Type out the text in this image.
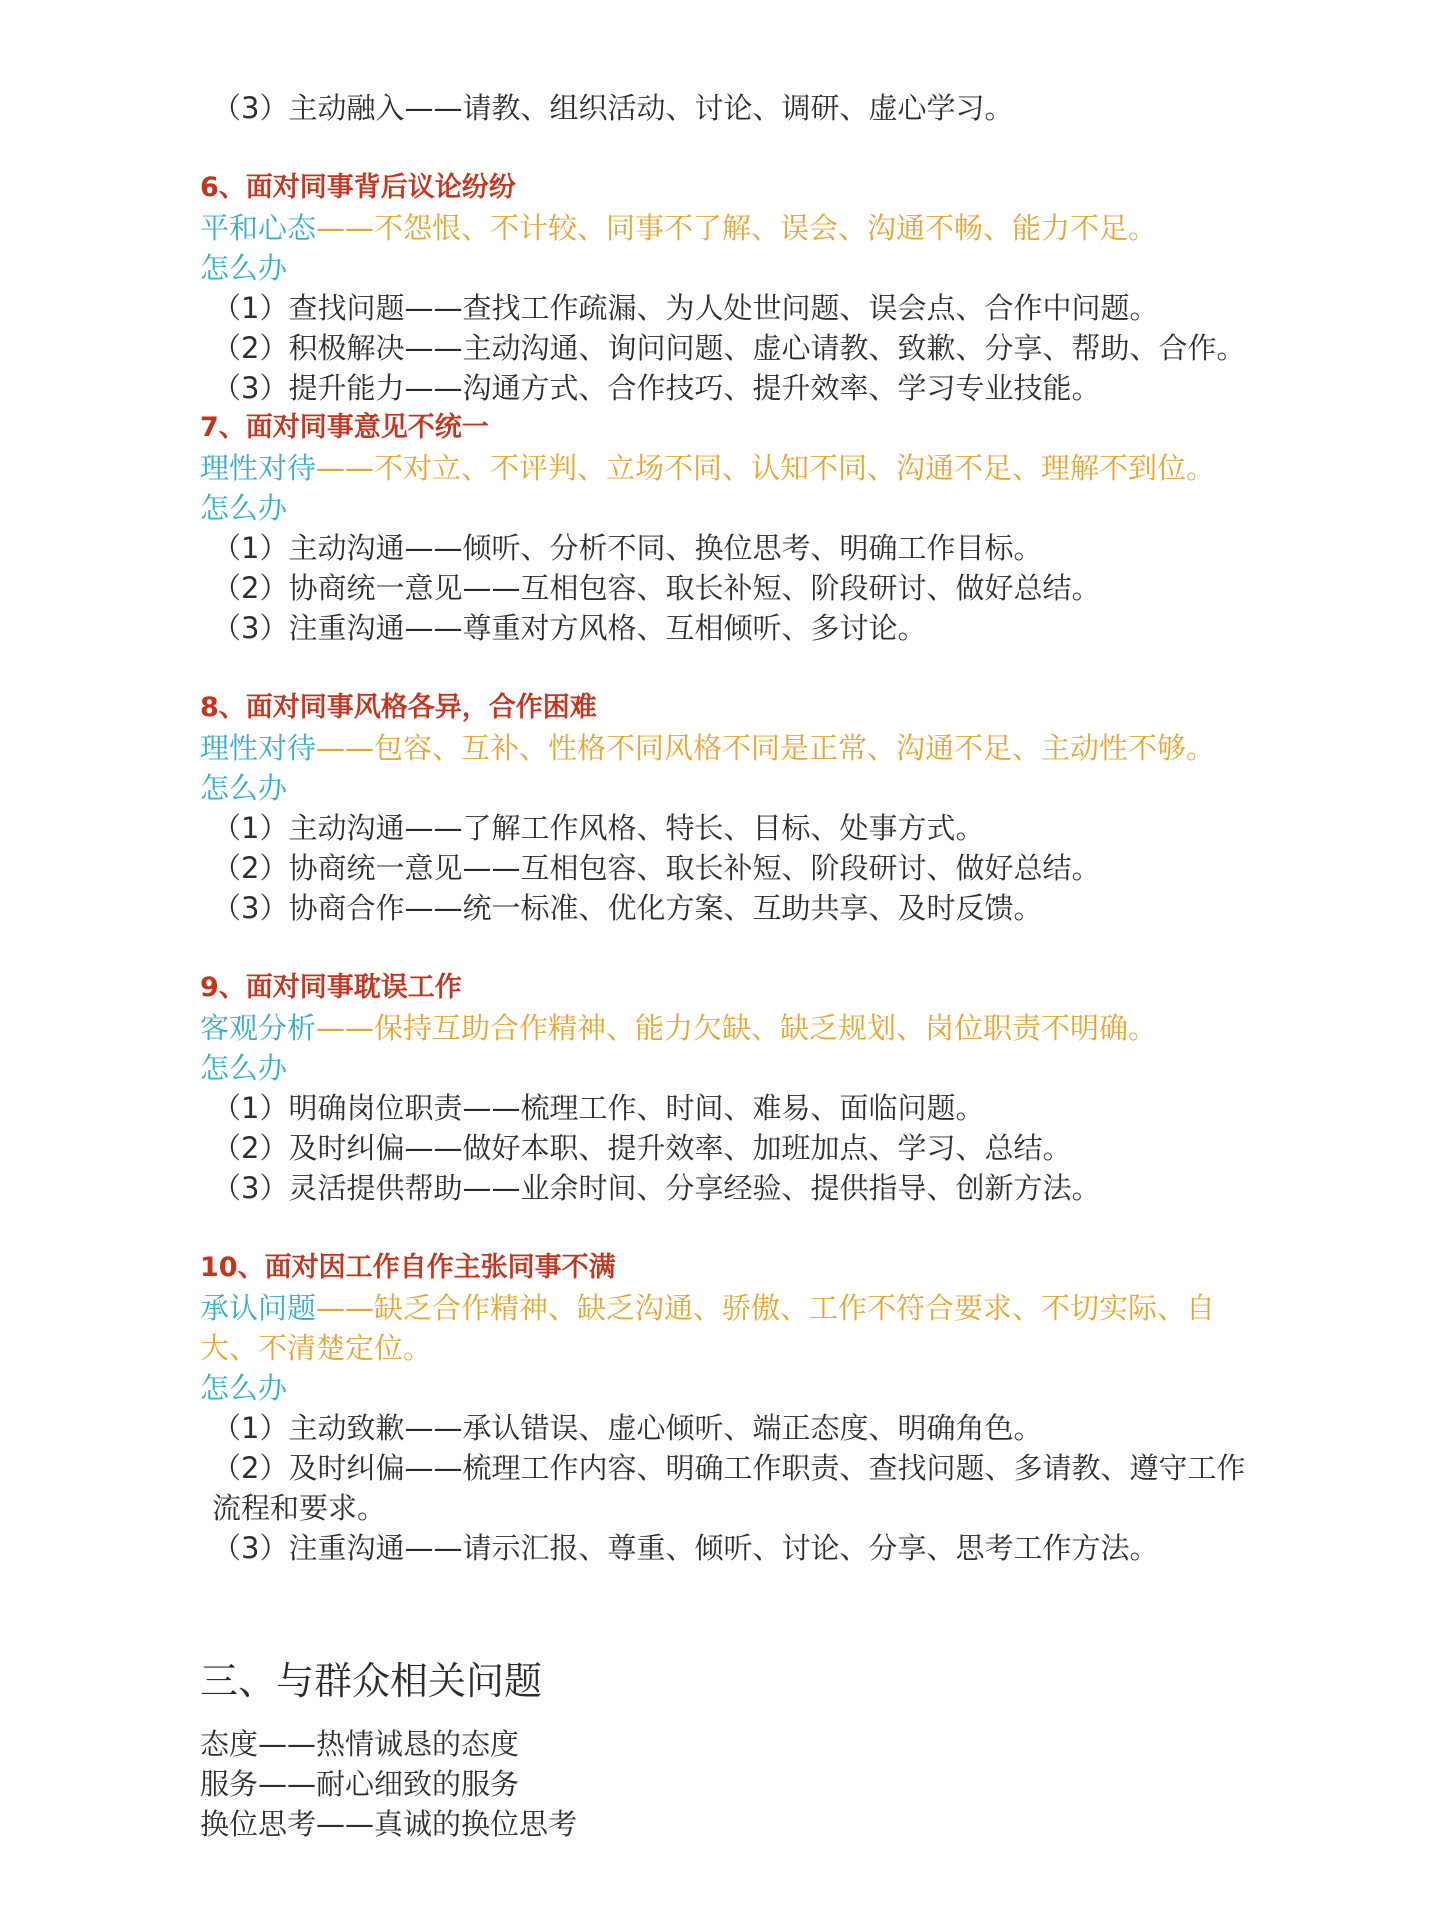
（3）主动融入——请教、组织活动、讨论、调研、虚心学习。
6、面对同事背后议论纷纷
平和心态——不怨恨、不计较、同事不了解、误会、沟通不畅、能力不足。
怎么办
（1）查找问题——查找工作疏漏、为人处世问题、误会点、合作中问题。
（2）积极解决——主动沟通、询问问题、虚心请教、致歉、分享、帮助、合作。
（3）提升能力——沟通方式、合作技巧、提升效率、学习专业技能。
7、面对同事意见不统一
理性对待——不对立、不评判、立场不同、认知不同、沟通不足、理解不到位。
怎么办
（1）主动沟通——倾听、分析不同、换位思考、明确工作目标。
（2）协商统一意见——互相包容、取长补短、阶段研讨、做好总结。
（3）注重沟通——尊重对方风格、互相倾听、多讨论。
8、面对同事风格各异，合作困难
理性对待——包容、互补、性格不同风格不同是正常、沟通不足、主动性不够。
怎么办
（1）主动沟通——了解工作风格、特长、目标、处事方式。
（2）协商统一意见——互相包容、取长补短、阶段研讨、做好总结。
（3）协商合作——统一标准、优化方案、互助共享、及时反馈。
9、面对同事耽误工作
客观分析——保持互助合作精神、能力欠缺、缺乏规划、岗位职责不明确。
怎么办
（1）明确岗位职责——梳理工作、时间、难易、面临问题。
（2）及时纠偏——做好本职、提升效率、加班加点、学习、总结。
（3）灵活提供帮助——业余时间、分享经验、提供指导、创新方法。
10、面对因工作自作主张同事不满
承认问题——缺乏合作精神、缺乏沟通、骄傲、工作不符合要求、不切实际、自大、不清楚定位。
怎么办
（1）主动致歉——承认错误、虚心倾听、端正态度、明确角色。
（2）及时纠偏——梳理工作内容、明确工作职责、查找问题、多请教、遵守工作流程和要求。
（3）注重沟通——请示汇报、尊重、倾听、讨论、分享、思考工作方法。
三、与群众相关问题
态度——热情诚恳的态度
服务——耐心细致的服务
换位思考——真诚的换位思考
